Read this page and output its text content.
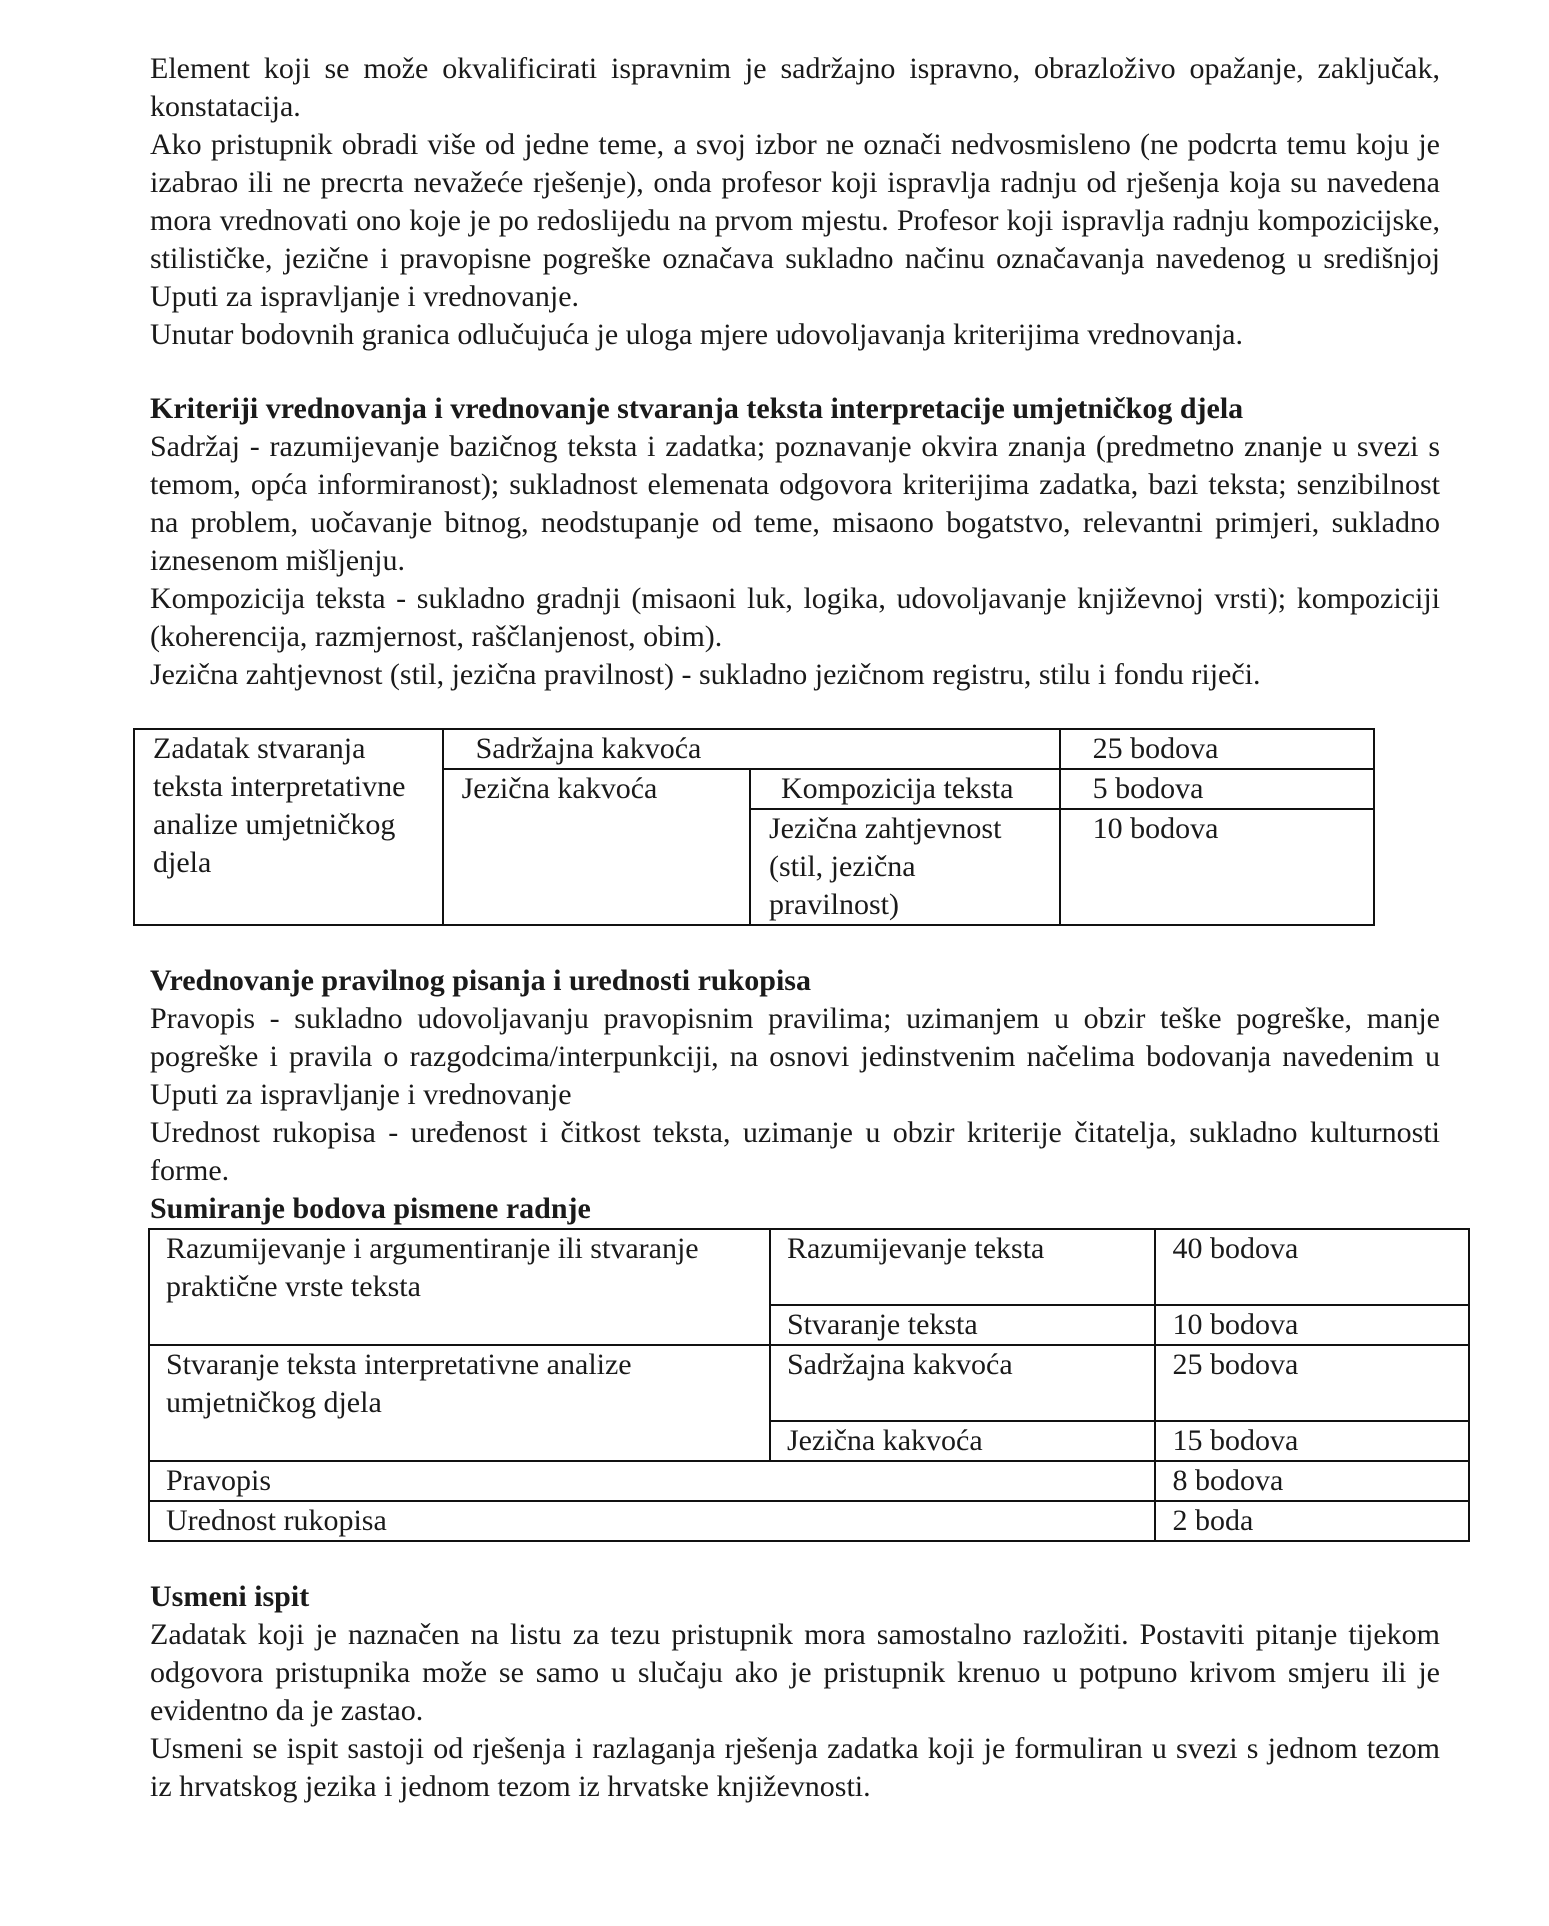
Element koji se može okvalificirati ispravnim je sadržajno ispravno, obrazloživo opažanje, zaključak, konstatacija.

Ako pristupnik obradi više od jedne teme, a svoj izbor ne označi nedvosmisleno (ne podcrta temu koju je izabrao ili ne precrta nevažeće rješenje), onda profesor koji ispravlja radnju od rješenja koja su navedena mora vrednovati ono koje je po redoslijedu na prvom mjestu. Profesor koji ispravlja radnju kompozicijske, stilističke, jezične i pravopisne pogreške označava sukladno načinu označavanja navedenog u središnjoj Uputi za ispravljanje i vrednovanje.

Unutar bodovnih granica odlučujuća je uloga mjere udovoljavanja kriterijima vrednovanja.

Kriteriji vrednovanja i vrednovanje stvaranja teksta interpretacije umjetničkog djela

Sadržaj - razumijevanje bazičnog teksta i zadatka; poznavanje okvira znanja (predmetno znanje u svezi s temom, opća informiranost); sukladnost elemenata odgovora kriterijima zadatka, bazi teksta; senzibilnost na problem, uočavanje bitnog, neodstupanje od teme, misaono bogatstvo, relevantni primjeri, sukladno iznesenom mišljenju.

Kompozicija teksta - sukladno gradnji (misaoni luk, logika, udovoljavanje književnoj vrsti); kompoziciji (koherencija, razmjernost, raščlanjenost, obim).

Jezična zahtjevnost (stil, jezična pravilnost) - sukladno jezičnom registru, stilu i fondu riječi.

Zadatak stvaranja teksta interpretativne analize umjetničkog djela	Sadržajna kakvoća		25 bodova
	Jezična kakvoća	Kompozicija teksta	5 bodova
		Jezična zahtjevnost (stil, jezična pravilnost)	10 bodova
Vrednovanje pravilnog pisanja i urednosti rukopisa

Pravopis - sukladno udovoljavanju pravopisnim pravilima; uzimanjem u obzir teške pogreške, manje pogreške i pravila o razgodcima/interpunkciji, na osnovi jedinstvenim načelima bodovanja navedenim u Uputi za ispravljanje i vrednovanje

Urednost rukopisa - uređenost i čitkost teksta, uzimanje u obzir kriterije čitatelja, sukladno kulturnosti forme.

Sumiranje bodova pismene radnje
Razumijevanje i argumentiranje ili stvaranje praktične vrste teksta	Razumijevanje teksta	40 bodova
	Stvaranje teksta	10 bodova
Stvaranje teksta interpretativne analize umjetničkog djela	Sadržajna kakvoća	25 bodova
	Jezična kakvoća	15 bodova
Pravopis		8 bodova
Urednost rukopisa		2 boda
Usmeni ispit

Zadatak koji je naznačen na listu za tezu pristupnik mora samostalno razložiti. Postaviti pitanje tijekom odgovora pristupnika može se samo u slučaju ako je pristupnik krenuo u potpuno krivom smjeru ili je evidentno da je zastao.

Usmeni se ispit sastoji od rješenja i razlaganja rješenja zadatka koji je formuliran u svezi s jednom tezom iz hrvatskog jezika i jednom tezom iz hrvatske književnosti.
